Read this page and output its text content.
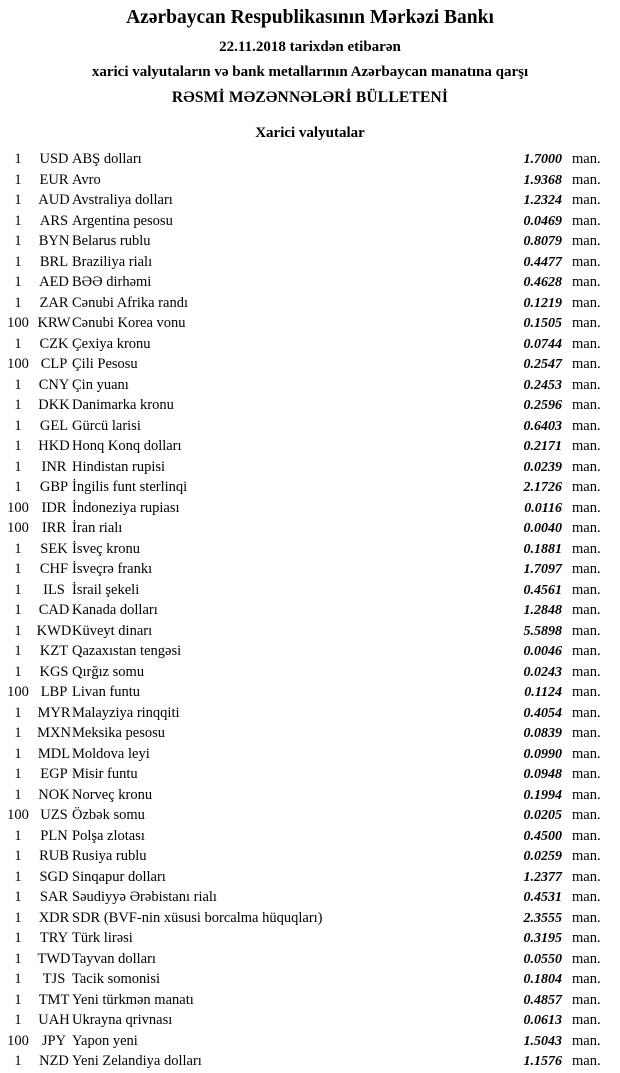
Azərbaycan Respublikasının Mərkəzi Bankı
22.11.2018 tarixdən etibarən
xarici valyutaların və bank metallarının Azərbaycan manatına qarşı
RƏSMİ MƏZƏNNƏLƏRİ BÜLLETENİ
Xarici valyutalar
1	USD ABŞ dolları	1.7000 man.
1	EUR Avro	1.9368 man.
1	AUD Avstraliya dolları	1.2324 man.
1	ARS Argentina pesosu	0.0469 man.
1	BYN Belarus rublu	0.8079 man.
1	BRL Braziliya rialı	0.4477 man.
1	AED BƏƏ dirhəmi	0.4628 man.
1	ZAR Cənubi Afrika randı	0.1219 man.
100 KRW Cənubi Korea vonu	0.1505 man.
1	CZK Çexiya kronu	0.0744 man.
100 CLP Çili Pesosu	0.2547 man.
1	CNY Çin yuanı	0.2453 man.
1	DKK Danimarka kronu	0.2596 man.
1	GEL Gürcü larisi	0.6403 man.
1	HKD Honq Konq dolları	0.2171 man.
1	INR Hindistan rupisi	0.0239 man.
1	GBP İngilis funt sterlinqi	2.1726 man.
100 IDR İndoneziya rupiası	0.0116 man.
100 IRR İran rialı	0.0040 man.
1	SEK İsveç kronu	0.1881 man.
1	CHF İsveçrə frankı	1.7097 man.
1	ILS İsrail şekeli	0.4561 man.
1	CAD Kanada dolları	1.2848 man.
1	KWD Küveyt dinarı	5.5898 man.
1	KZT Qazaxıstan tengəsi	0.0046 man.
1	KGS Qırğız somu	0.0243 man.
100 LBP Livan funtu	0.1124 man.
1	MYR Malayziya rinqqiti	0.4054 man.
1	MXN Meksika pesosu	0.0839 man.
1	MDL Moldova leyi	0.0990 man.
1	EGP Misir funtu	0.0948 man.
1	NOK Norveç kronu	0.1994 man.
100 UZS Özbək somu	0.0205 man.
1	PLN Polşa zlotası	0.4500 man.
1	RUB Rusiya rublu	0.0259 man.
1	SGD Sinqapur dolları	1.2377 man.
1	SAR Səudiyyə Ərəbistanı rialı	0.4531 man.
1	XDR SDR (BVF-nin xüsusi borcalma hüquqları)	2.3555 man.
1	TRY Türk lirəsi	0.3195 man.
1	TWD Tayvan dolları	0.0550 man.
1	TJS Tacik somonisi	0.1804 man.
1	TMT Yeni türkmən manatı	0.4857 man.
1	UAH Ukrayna qrivnası	0.0613 man.
100 JPY Yapon yeni	1.5043 man.
1	NZD Yeni Zelandiya dolları	1.1576 man.
